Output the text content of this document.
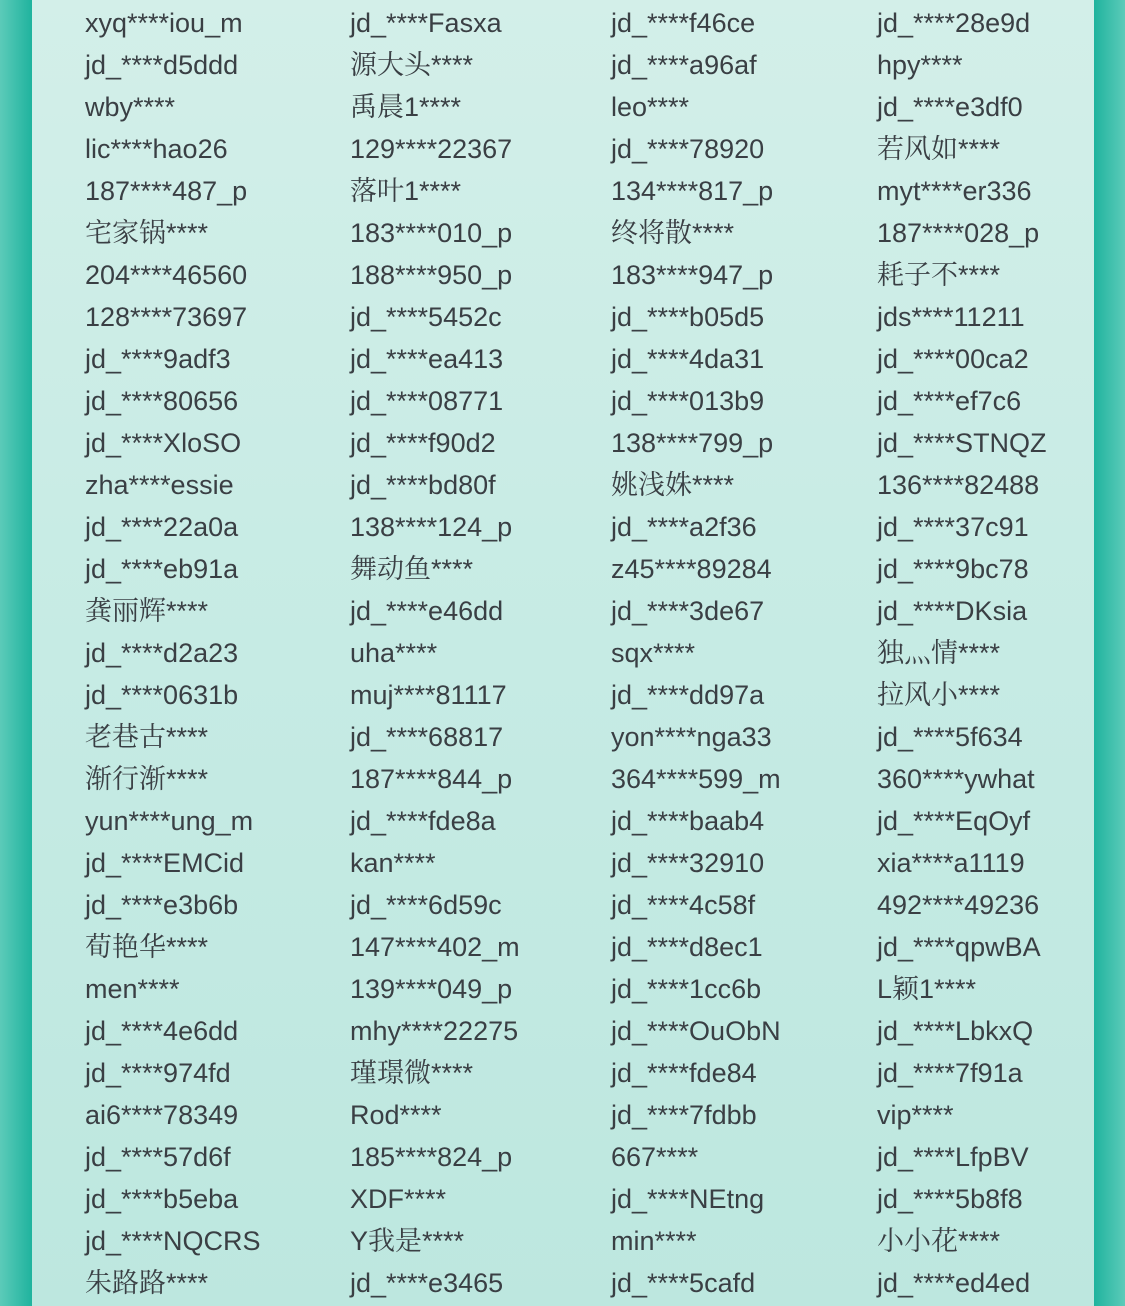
xyq****iou_m	jd_****Fasxa	jd_****f46ce	jd_****28e9d
jd_****d5ddd	源大头****	jd_****a96af	hpy****
wby****	禹晨1****	leo****	jd_****e3df0
lic****hao26	129****22367	jd_****78920	若风如****
187****487_p	落叶1****	134****817_p	myt****er336
宅家锅****	183****010_p	终将散****	187****028_p
204****46560	188****950_p	183****947_p	耗子不****
128****73697	jd_****5452c	jd_****b05d5	jds****11211
jd_****9adf3	jd_****ea413	jd_****4da31	jd_****00ca2
jd_****80656	jd_****08771	jd_****013b9	jd_****ef7c6
jd_****XloSO	jd_****f90d2	138****799_p	jd_****STNQZ
zha****essie	jd_****bd80f	姚浅姝****	136****82488
jd_****22a0a	138****124_p	jd_****a2f36	jd_****37c91
jd_****eb91a	舞动鱼****	z45****89284	jd_****9bc78
龚丽辉****	jd_****e46dd	jd_****3de67	jd_****DKsia
jd_****d2a23	uha****	sqx****	独灬情****
jd_****0631b	muj****81117	jd_****dd97a	拉风小****
老巷古****	jd_****68817	yon****nga33	jd_****5f634
渐行渐****	187****844_p	364****599_m	360****ywhat
yun****ung_m	jd_****fde8a	jd_****baab4	jd_****EqOyf
jd_****EMCid	kan****	jd_****32910	xia****a1119
jd_****e3b6b	jd_****6d59c	jd_****4c58f	492****49236
荀艳华****	147****402_m	jd_****d8ec1	jd_****qpwBA
men****	139****049_p	jd_****1cc6b	L颖1****
jd_****4e6dd	mhy****22275	jd_****OuObN	jd_****LbkxQ
jd_****974fd	瑾璟微****	jd_****fde84	jd_****7f91a
ai6****78349	Rod****	jd_****7fdbb	vip****
jd_****57d6f	185****824_p	667****	jd_****LfpBV
jd_****b5eba	XDF****	jd_****NEtng	jd_****5b8f8
jd_****NQCRS	Y我是****	min****	小小花****
朱路路****	jd_****e3465	jd_****5cafd	jd_****ed4ed
